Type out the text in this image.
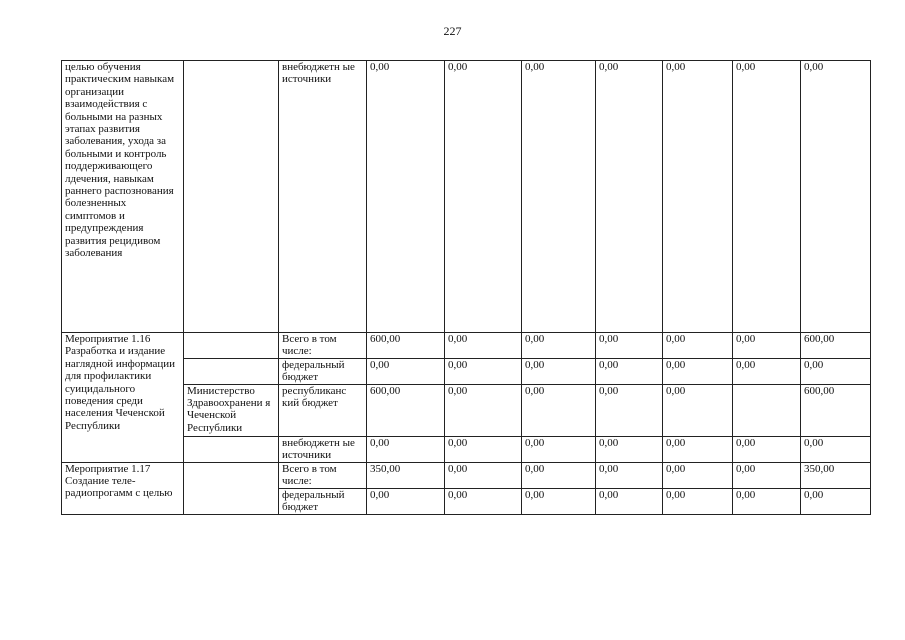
227
целью обучения практическим навыкам организации взаимодействия с больными на разных этапах развития заболевания, ухода за больными и контроль поддерживающего лдечения, навыкам раннего распознования болезненных симптомов и предупреждения развития рецидивом заболевания		внебюджетн ые источники	0,00	0,00	0,00	0,00	0,00	0,00	0,00
Мероприятие 1.16 Разработка и издание наглядной информации для профилактики суицидального поведения среди населения Чеченской Республики		Всего в том числе:	600,00	0,00	0,00	0,00	0,00	0,00	600,00
		федеральный бюджет	0,00	0,00	0,00	0,00	0,00	0,00	0,00
	Министерство Здравоохранени я Чеченской Республики	республиканс кий бюджет	600,00	0,00	0,00	0,00	0,00		600,00
		внебюджетн ые источники	0,00	0,00	0,00	0,00	0,00	0,00	0,00
Мероприятие 1.17 Создание теле- радиопрогамм с целью		Всего в том числе:	350,00	0,00	0,00	0,00	0,00	0,00	350,00
		федеральный бюджет	0,00	0,00	0,00	0,00	0,00	0,00	0,00
